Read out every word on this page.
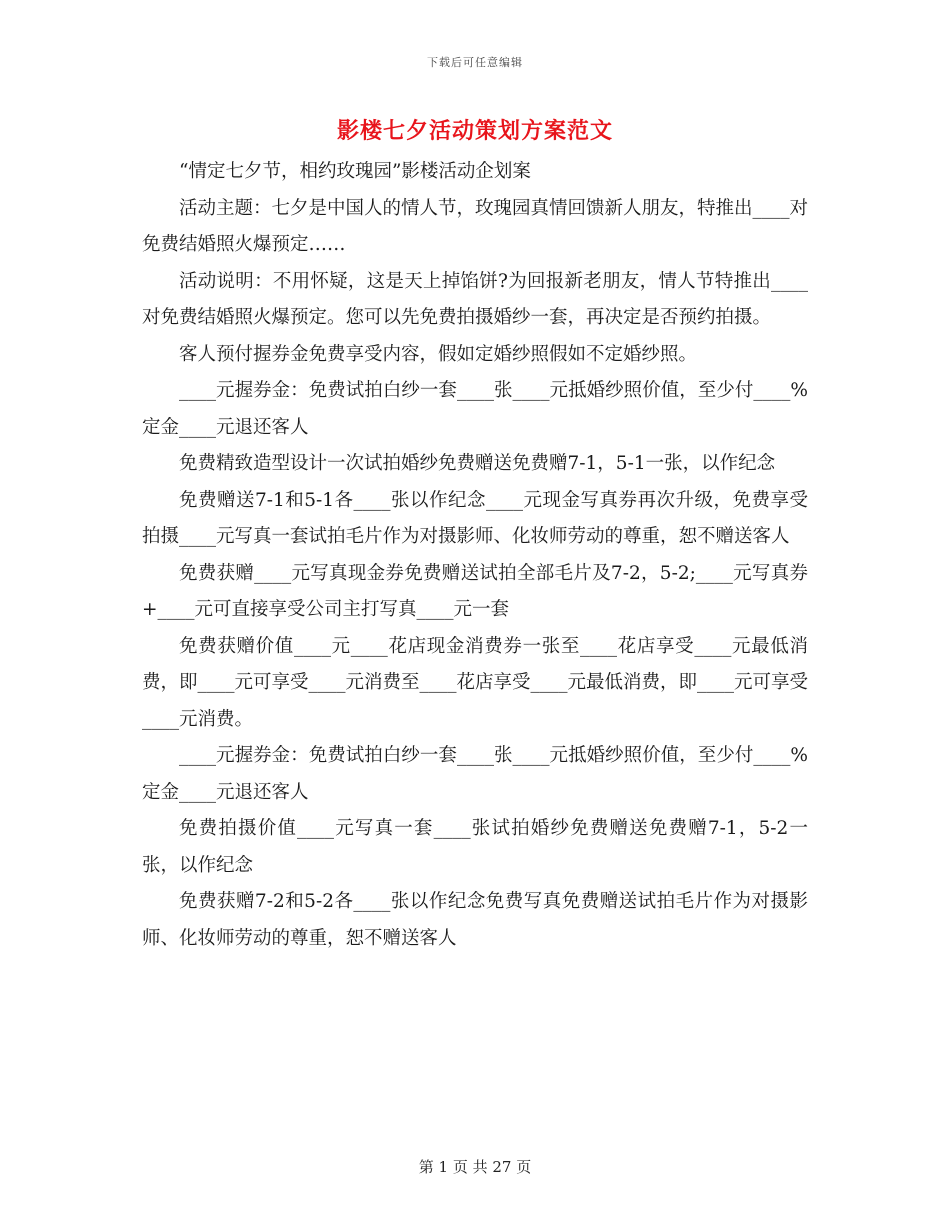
下载后可任意编辑
影楼七夕活动策划方案范文

“情定七夕节，相约玫瑰园”影楼活动企划案

活动主题：七夕是中国人的情人节，玫瑰园真情回馈新人朋友，特推出____对免费结婚照火爆预定……

活动说明：不用怀疑，这是天上掉馅饼?为回报新老朋友，情人节特推出____对免费结婚照火爆预定。您可以先免费拍摄婚纱一套，再决定是否预约拍摄。

客人预付握券金免费享受内容，假如定婚纱照假如不定婚纱照。

____元握券金：免费试拍白纱一套____张____元抵婚纱照价值，至少付____%定金____元退还客人

免费精致造型设计一次试拍婚纱免费赠送免费赠7-1，5-1一张，以作纪念

免费赠送7-1和5-1各____张以作纪念____元现金写真券再次升级，免费享受拍摄____元写真一套试拍毛片作为对摄影师、化妆师劳动的尊重，恕不赠送客人

免费获赠____元写真现金券免费赠送试拍全部毛片及7-2，5-2;____元写真券+____元可直接享受公司主打写真____元一套

免费获赠价值____元____花店现金消费券一张至____花店享受____元最低消费，即____元可享受____元消费至____花店享受____元最低消费，即____元可享受____元消费。

____元握券金：免费试拍白纱一套____张____元抵婚纱照价值，至少付____%定金____元退还客人

免费拍摄价值____元写真一套____张试拍婚纱免费赠送免费赠7-1，5-2一张，以作纪念

免费获赠7-2和5-2各____张以作纪念免费写真免费赠送试拍毛片作为对摄影师、化妆师劳动的尊重，恕不赠送客人

第 1 页 共 27 页
